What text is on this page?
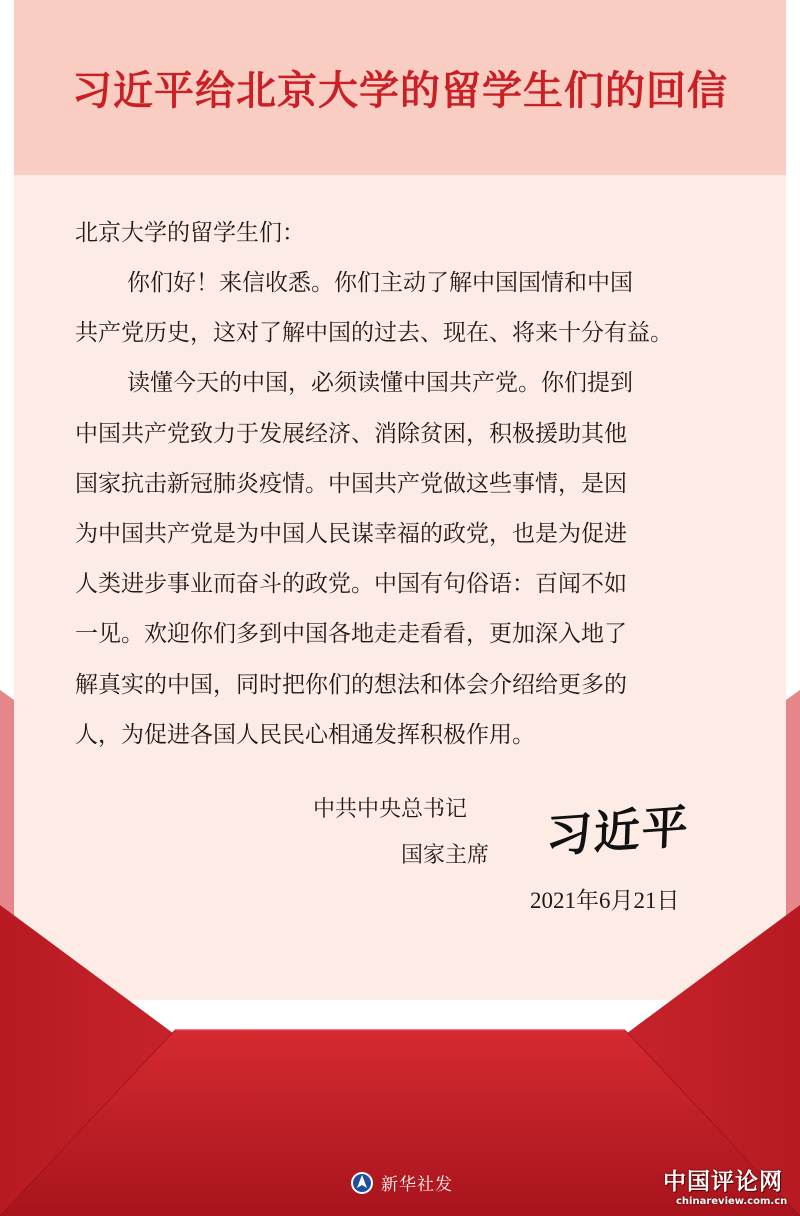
习近平给北京大学的留学生们的回信
北京大学的留学生们：
你们好！来信收悉。你们主动了解中国国情和中国
共产党历史，这对了解中国的过去、现在、将来十分有益。
读懂今天的中国，必须读懂中国共产党。你们提到
中国共产党致力于发展经济、消除贫困，积极援助其他
国家抗击新冠肺炎疫情。中国共产党做这些事情，是因
为中国共产党是为中国人民谋幸福的政党，也是为促进
人类进步事业而奋斗的政党。中国有句俗语：百闻不如
一见。欢迎你们多到中国各地走走看看，更加深入地了
解真实的中国，同时把你们的想法和体会介绍给更多的
人，为促进各国人民民心相通发挥积极作用。
中共中央总书记
国家主席 习近平
2021年6月21日
新华社发	中国评论网
chinareview.com.cn
